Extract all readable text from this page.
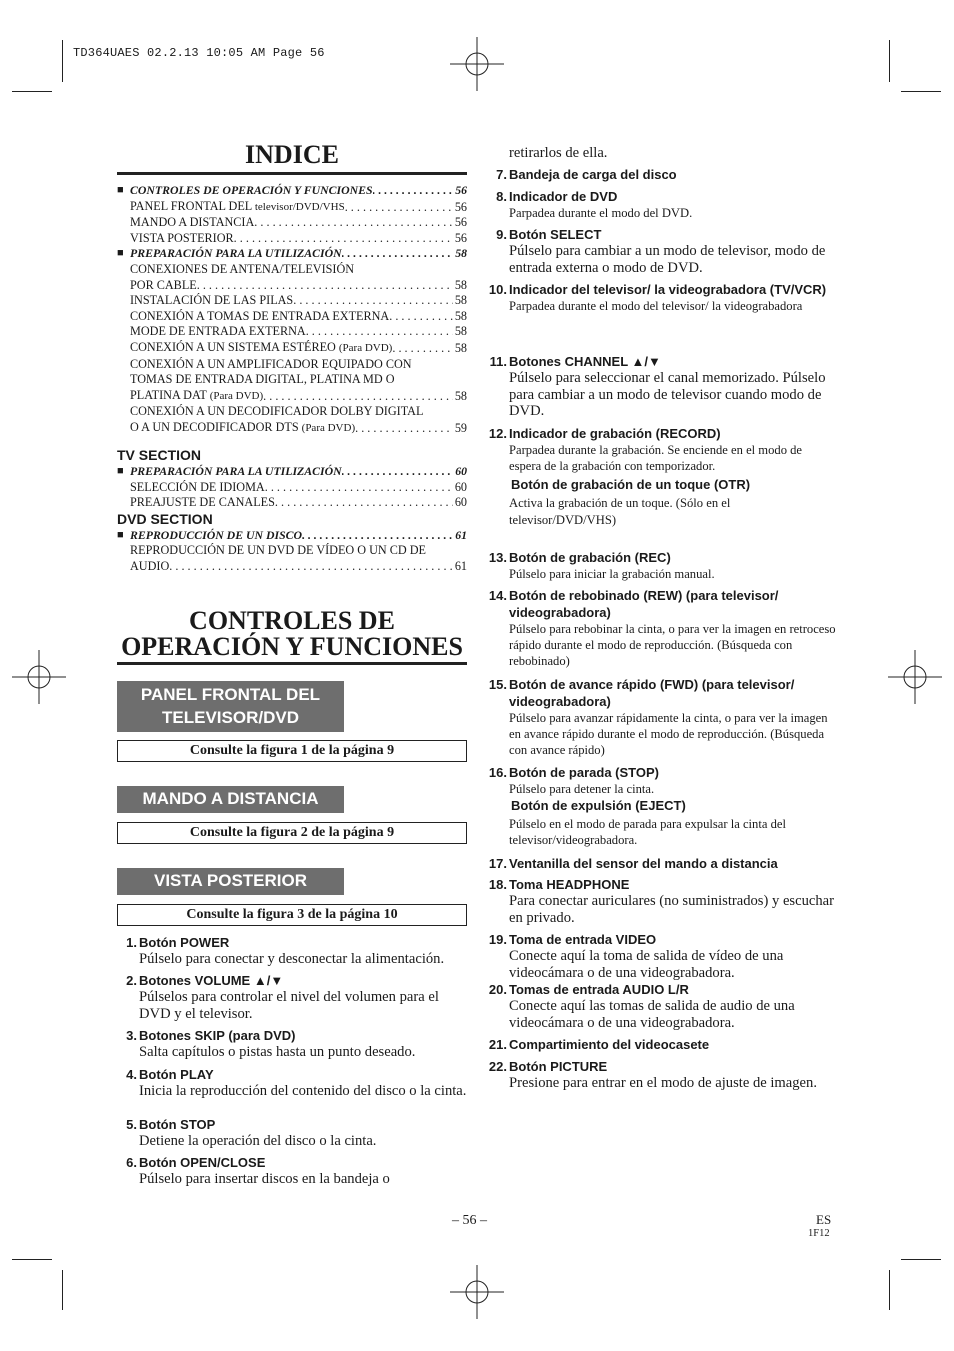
TD364UAES 02.2.13 10:05 AM Page 56
INDICE
■ CONTROLES DE OPERACIÓN Y FUNCIONES . . .	56
PANEL FRONTAL DEL televisor/DVD/VHS . . .	56
MANDO A DISTANCIA . . .	56
VISTA POSTERIOR . . .	56
■ PREPARACIÓN PARA LA UTILIZACIÓN . . .	58
CONEXIONES DE ANTENA/TELEVISIÓN
POR CABLE . . .	58
INSTALACIÓN DE LAS PILAS . . .	58
CONEXIÓN A TOMAS DE ENTRADA EXTERNA . . .	58
MODE DE ENTRADA EXTERNA . . .	58
CONEXIÓN A UN SISTEMA ESTÉREO (Para DVD) . . .	58
CONEXIÓN A UN AMPLIFICADOR EQUIPADO CON
TOMAS DE ENTRADA DIGITAL, PLATINA MD O
PLATINA DAT (Para DVD) . . .	58
CONEXIÓN A UN DECODIFICADOR DOLBY DIGITAL
O A UN DECODIFICADOR DTS (Para DVD) . . .	59
TV SECTION
■ PREPARACIÓN PARA LA UTILIZACIÓN . . .	60
SELECCIÓN DE IDIOMA . . .	60
PREAJUSTE DE CANALES . . .	60
DVD SECTION
■ REPRODUCCIÓN DE UN DISCO . . .	61
REPRODUCCIÓN DE UN DVD DE VÍDEO O UN CD DE
AUDIO . . .	61
CONTROLES DE
OPERACIÓN Y FUNCIONES
PANEL FRONTAL DEL
TELEVISOR/DVD
Consulte la figura 1 de la página 9
MANDO A DISTANCIA
Consulte la figura 2 de la página 9
VISTA POSTERIOR
Consulte la figura 3 de la página 10
1. Botón POWER
Púlselo para conectar y desconectar la alimentación.
2. Botones VOLUME ▲/▼
Púlselos para controlar el nivel del volumen para el DVD y el televisor.
3. Botones SKIP (para DVD)
Salta capítulos o pistas hasta un punto deseado.
4. Botón PLAY
Inicia la reproducción del contenido del disco o la cinta.
5. Botón STOP
Detiene la operación del disco o la cinta.
6. Botón OPEN/CLOSE
Púlselo para insertar discos en la bandeja o
retirarlos de ella.
7. Bandeja de carga del disco
8. Indicador de DVD
Parpadea durante el modo del DVD.
9. Botón SELECT
Púlselo para cambiar a un modo de televisor, modo de entrada externa o modo de DVD.
10. Indicador del televisor/ la videograbadora (TV/VCR)
Parpadea durante el modo del televisor/ la videograbadora
11. Botones CHANNEL ▲/▼
Púlselo para seleccionar el canal memorizado. Púlselo para cambiar a un modo de televisor cuando modo de DVD.
12. Indicador de grabación (RECORD)
Parpadea durante la grabación. Se enciende en el modo de espera de la grabación con temporizador.
Botón de grabación de un toque (OTR)
Activa la grabación de un toque. (Sólo en el televisor/DVD/VHS)
13. Botón de grabación (REC)
Púlselo para iniciar la grabación manual.
14. Botón de rebobinado (REW) (para televisor/ videograbadora)
Púlselo para rebobinar la cinta, o para ver la imagen en retroceso rápido durante el modo de reproducción. (Búsqueda con rebobinado)
15. Botón de avance rápido (FWD) (para televisor/ videograbadora)
Púlselo para avanzar rápidamente la cinta, o para ver la imagen en avance rápido durante el modo de reproducción. (Búsqueda con avance rápido)
16. Botón de parada (STOP)
Púlselo para detener la cinta.
Botón de expulsión (EJECT)
Púlselo en el modo de parada para expulsar la cinta del televisor/videograbadora.
17. Ventanilla del sensor del mando a distancia
18. Toma HEADPHONE
Para conectar auriculares (no suministrados) y escuchar en privado.
19. Toma de entrada VIDEO
Conecte aquí la toma de salida de vídeo de una videocámara o de una videograbadora.
20. Tomas de entrada AUDIO L/R
Conecte aquí las tomas de salida de audio de una videocámara o de una videograbadora.
21. Compartimiento del videocasete
22. Botón PICTURE
Presione para entrar en el modo de ajuste de imagen.
– 56 –	ES
1F12
